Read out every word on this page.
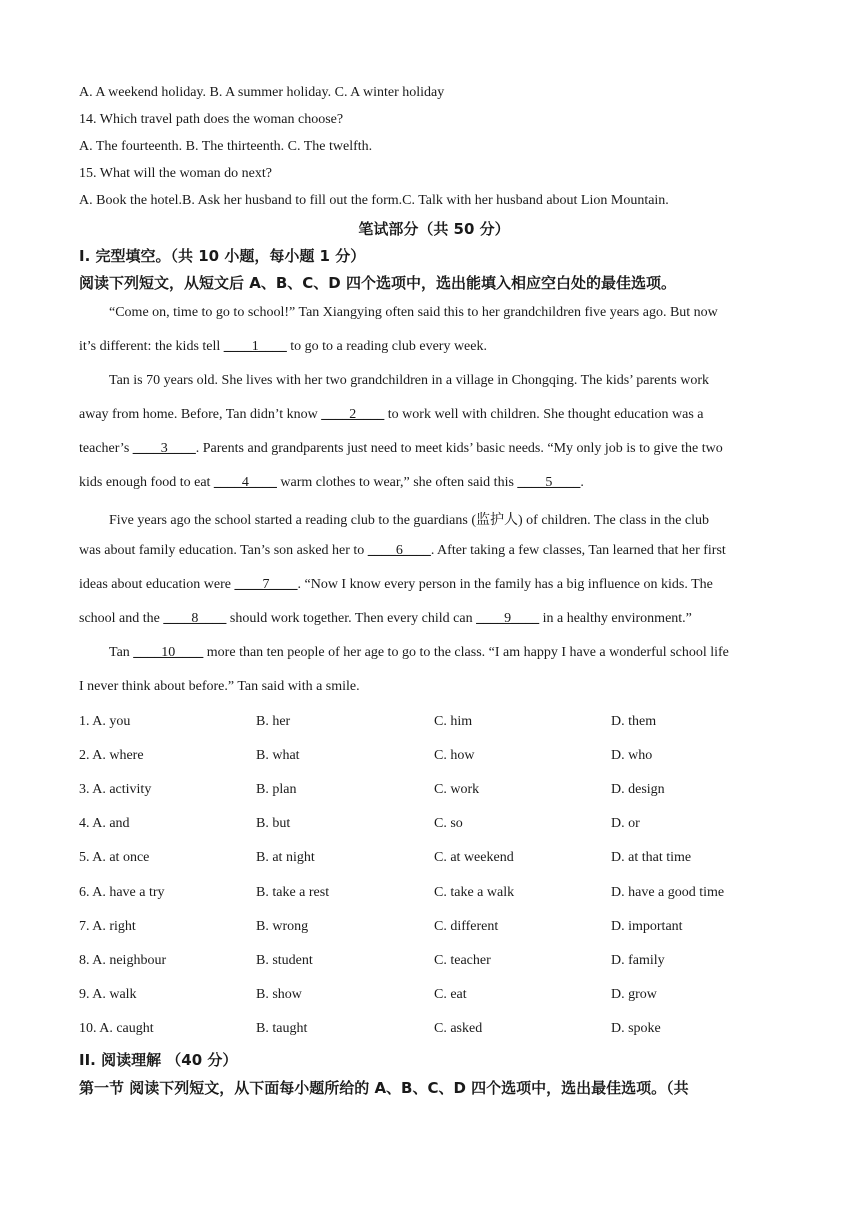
A. A weekend holiday. B. A summer holiday. C. A winter holiday
14. Which travel path does the woman choose?
A. The fourteenth. B. The thirteenth. C. The twelfth.
15. What will the woman do next?
A. Book the hotel.B. Ask her husband to fill out the form.C. Talk with her husband about Lion Mountain.
笔试部分（共 50 分）
I. 完型填空。（共 10 小题，每小题 1 分）
阅读下列短文，从短文后 A、B、C、D 四个选项中，选出能填入相应空白处的最佳选项。
“Come on, time to go to school!” Tan Xiangying often said this to her grandchildren five years ago. But now
it’s different: the kids tell ____1____ to go to a reading club every week.
Tan is 70 years old. She lives with her two grandchildren in a village in Chongqing. The kids’ parents work
away from home. Before, Tan didn’t know ____2____ to work well with children. She thought education was a
teacher’s ____3____. Parents and grandparents just need to meet kids’ basic needs. “My only job is to give the two
kids enough food to eat ____4____ warm clothes to wear,” she often said this ____5____.
Five years ago the school started a reading club to the guardians (监护人) of children. The class in the club
was about family education. Tan’s son asked her to ____6____. After taking a few classes, Tan learned that her first
ideas about education were ____7____. “Now I know every person in the family has a big influence on kids. The
school and the ____8____ should work together. Then every child can ____9____ in a healthy environment.”
Tan ____10____ more than ten people of her age to go to the class. “I am happy I have a wonderful school life
I never think about before.” Tan said with a smile.
1. A. you	B. her	C. him	D. them
2. A. where	B. what	C. how	D. who
3. A. activity	B. plan	C. work	D. design
4. A. and	B. but	C. so	D. or
5. A. at once	B. at night	C. at weekend	D. at that time
6. A. have a try	B. take a rest	C. take a walk	D. have a good time
7. A. right	B. wrong	C. different	D. important
8. A. neighbour	B. student	C. teacher	D. family
9. A. walk	B. show	C. eat	D. grow
10. A. caught	B. taught	C. asked	D. spoke
II. 阅读理解 （40 分）
第一节 阅读下列短文，从下面每小题所给的 A、B、C、D 四个选项中，选出最佳选项。（共
